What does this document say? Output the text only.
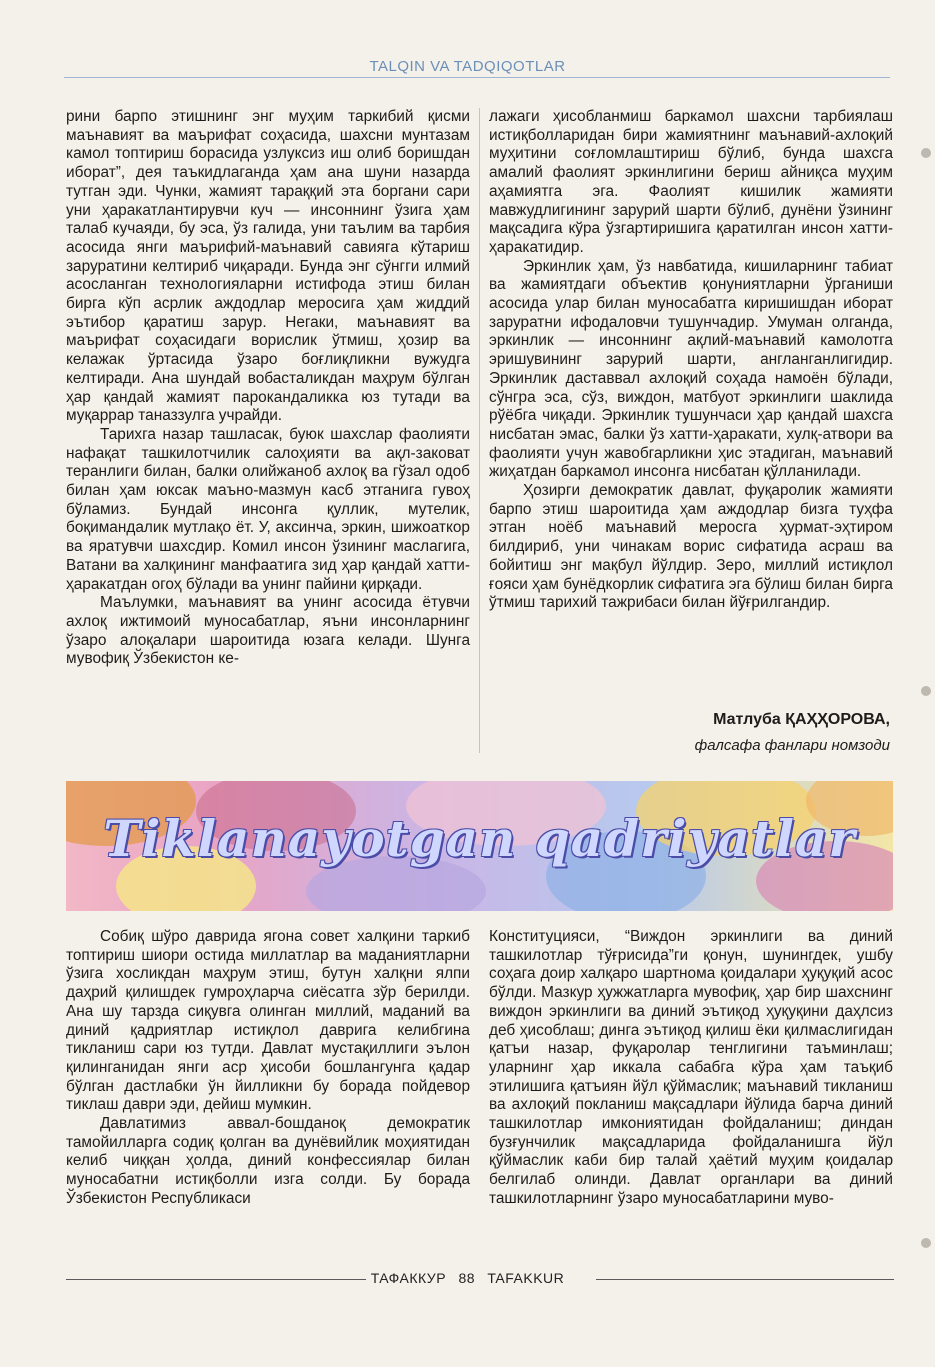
TALQIN VA TADQIQOTLAR

рини барпо этишнинг энг муҳим таркибий қисми маънавият ва маърифат соҳасида, шахсни мунтазам камол топтириш борасида узлуксиз иш олиб боришдан иборат”, дея таъкидлаганда ҳам ана шуни назарда тутган эди. Чунки, жамият тараққий эта боргани сари уни ҳаракатлантирувчи куч — инсоннинг ўзига ҳам талаб кучаяди, бу эса, ўз галида, уни таълим ва тарбия асосида янги маърифий-маънавий савияга кўтариш заруратини келтириб чиқаради. Бунда энг сўнгги илмий асосланган технологияларни истифода этиш билан бирга кўп асрлик аждодлар меросига ҳам жиддий эътибор қаратиш зарур. Негаки, маънавият ва маърифат соҳасидаги ворислик ўтмиш, ҳозир ва келажак ўртасида ўзаро боғлиқликни вужудга келтиради. Ана шундай вобасталикдан маҳрум бўлган ҳар қандай жамият парокандаликка юз тутади ва муқаррар таназзулга учрайди.

Тарихга назар ташласак, буюк шахслар фаолияти нафақат ташкилотчилик салоҳияти ва ақл-заковат теранлиги билан, балки олийжаноб ахлоқ ва гўзал одоб билан ҳам юксак маъно-мазмун касб этганига гувоҳ бўламиз. Бундай инсонга қуллик, мутелик, боқимандалик мутлақо ёт. У, аксинча, эркин, шижоаткор ва яратувчи шахсдир. Комил инсон ўзининг маслагига, Ватани ва халқининг манфаатига зид ҳар қандай хатти-ҳаракатдан огоҳ бўлади ва унинг пайини қирқади.

Маълумки, маънавият ва унинг асосида ётувчи ахлоқ ижтимоий муносабатлар, яъни инсонларнинг ўзаро алоқалари шароитида юзага келади. Шунга мувофиқ Ўзбекистон ке-

лажаги ҳисобланмиш баркамол шахсни тарбиялаш истиқболларидан бири жамиятнинг маънавий-ахлоқий муҳитини соғломлаштириш бўлиб, бунда шахсга амалий фаолият эркинлигини бериш айниқса муҳим аҳамиятга эга. Фаолият кишилик жамияти мавжудлигининг зарурий шарти бўлиб, дунёни ўзининг мақсадига кўра ўзгартиришига қаратилган инсон хатти-ҳаракатидир.

Эркинлик ҳам, ўз навбатида, кишиларнинг табиат ва жамиятдаги объектив қонуниятларни ўрганиши асосида улар билан муносабатга киришишдан иборат заруратни ифодаловчи тушунчадир. Умуман олганда, эркинлик — инсоннинг ақлий-маънавий камолотга эришувининг зарурий шарти, англанганлигидир. Эркинлик даставвал ахлоқий соҳада намоён бўлади, сўнгра эса, сўз, виждон, матбуот эркинлиги шаклида рўёбга чиқади. Эркинлик тушунчаси ҳар қандай шахсга нисбатан эмас, балки ўз хатти-ҳаракати, хулқ-атвори ва фаолияти учун жавобгарликни ҳис этадиган, маънавий жиҳатдан баркамол инсонга нисбатан қўлланилади.

Ҳозирги демократик давлат, фуқаролик жамияти барпо этиш шароитида ҳам аждодлар бизга туҳфа этган ноёб маънавий меросга ҳурмат-эҳтиром билдириб, уни чинакам ворис сифатида асраш ва бойитиш энг мақбул йўлдир. Зеро, миллий истиқлол ғояси ҳам бунёдкорлик сифатига эга бўлиш билан бирга ўтмиш тарихий тажрибаси билан йўғрилгандир.

Матлуба ҚАҲҲОРОВА,
фалсафа фанлари номзоди
Tiklanayotgan qadriyatlar

Собиқ шўро даврида ягона совет халқини таркиб топтириш шиори остида миллатлар ва маданиятларни ўзига хосликдан маҳрум этиш, бутун халқни ялпи даҳрий қилишдек гумроҳларча сиёсатга зўр берилди. Ана шу тарзда сиқувга олинган миллий, маданий ва диний қадриятлар истиқлол даврига келибгина тикланиш сари юз тутди. Давлат мустақиллиги эълон қилинганидан янги аср ҳисоби бошлангунга қадар бўлган дастлабки ўн йилликни бу борада пойдевор тиклаш даври эди, дейиш мумкин.

Давлатимиз аввал-бошданоқ демократик тамойилларга содиқ қолган ва дунёвийлик моҳиятидан келиб чиққан ҳолда, диний конфессиялар билан муносабатни истиқболли изга солди. Бу борада Ўзбекистон Республикаси

Конституцияси, “Виждон эркинлиги ва диний ташкилотлар тўғрисида”ги қонун, шунингдек, ушбу соҳага доир халқаро шартнома қоидалари ҳуқуқий асос бўлди. Мазкур ҳужжатларга мувофиқ, ҳар бир шахснинг виждон эркинлиги ва диний эътиқод ҳуқуқини даҳлсиз деб ҳисоблаш; динга эътиқод қилиш ёки қилмаслигидан қатъи назар, фуқаролар тенглигини таъминлаш; уларнинг ҳар иккала сабабга кўра ҳам таъқиб этилишига қатъиян йўл қўймаслик; маънавий тикланиш ва ахлоқий покланиш мақсадлари йўлида барча диний ташкилотлар имкониятидан фойдаланиш; диндан бузғунчилик мақсадларида фойдаланишга йўл қўймаслик каби бир талай ҳаётий муҳим қоидалар белгилаб олинди. Давлат органлари ва диний ташкилотларнинг ўзаро муносабатларини муво-

ТАФАККУР 88 TAFAKKUR
